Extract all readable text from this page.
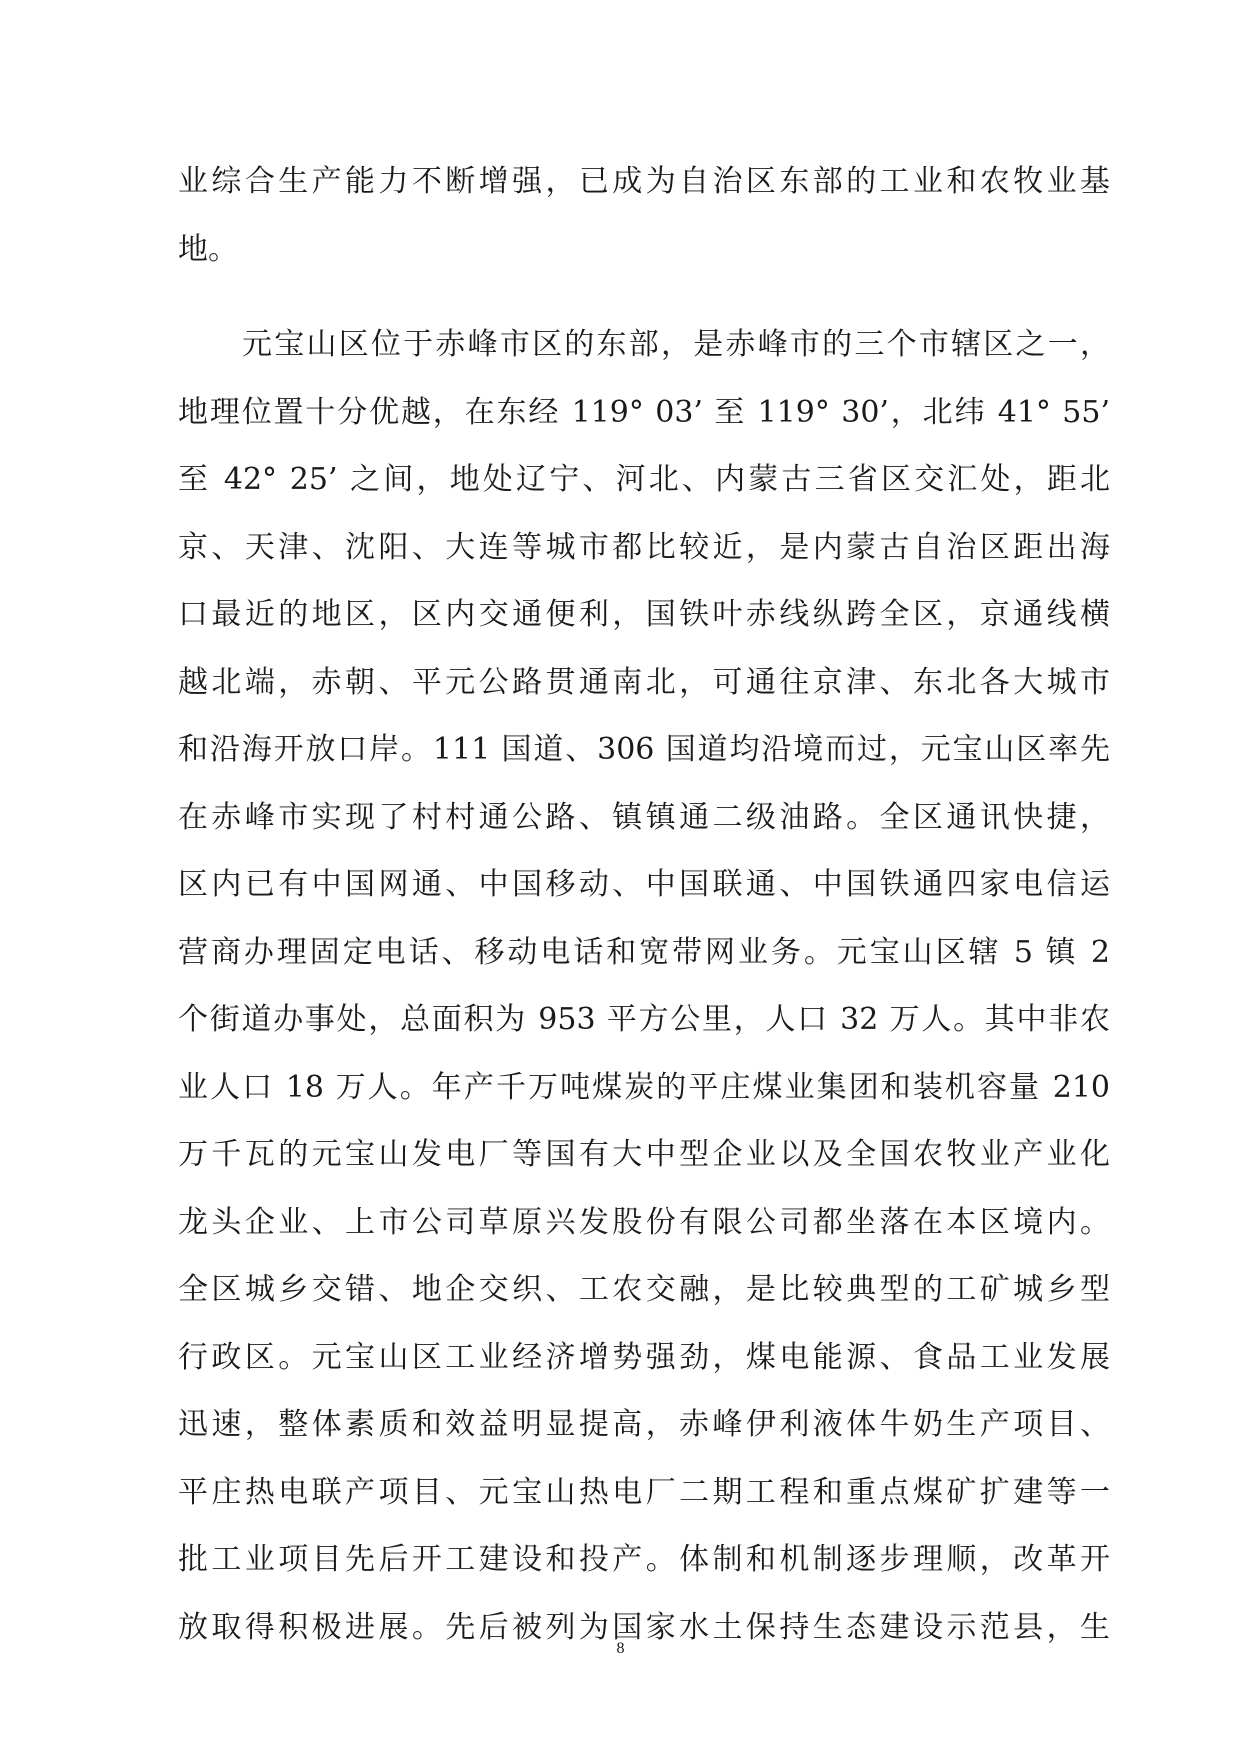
业综合生产能力不断增强，已成为自治区东部的工业和农牧业基
地。
元宝山区位于赤峰市区的东部，是赤峰市的三个市辖区之一，
地理位置十分优越，在东经 119° 03’ 至 119° 30’，北纬 41° 55’
至 42° 25’ 之间，地处辽宁、河北、内蒙古三省区交汇处，距北
京、天津、沈阳、大连等城市都比较近，是内蒙古自治区距出海
口最近的地区，区内交通便利，国铁叶赤线纵跨全区，京通线横
越北端，赤朝、平元公路贯通南北，可通往京津、东北各大城市
和沿海开放口岸。111 国道、306 国道均沿境而过，元宝山区率先
在赤峰市实现了村村通公路、镇镇通二级油路。全区通讯快捷，
区内已有中国网通、中国移动、中国联通、中国铁通四家电信运
营商办理固定电话、移动电话和宽带网业务。元宝山区辖 5 镇 2
个街道办事处，总面积为 953 平方公里，人口 32 万人。其中非农
业人口 18 万人。年产千万吨煤炭的平庄煤业集团和装机容量 210
万千瓦的元宝山发电厂等国有大中型企业以及全国农牧业产业化
龙头企业、上市公司草原兴发股份有限公司都坐落在本区境内。
全区城乡交错、地企交织、工农交融，是比较典型的工矿城乡型
行政区。元宝山区工业经济增势强劲，煤电能源、食品工业发展
迅速，整体素质和效益明显提高，赤峰伊利液体牛奶生产项目、
平庄热电联产项目、元宝山热电厂二期工程和重点煤矿扩建等一
批工业项目先后开工建设和投产。体制和机制逐步理顺，改革开
放取得积极进展。先后被列为国家水土保持生态建设示范县，生
8
